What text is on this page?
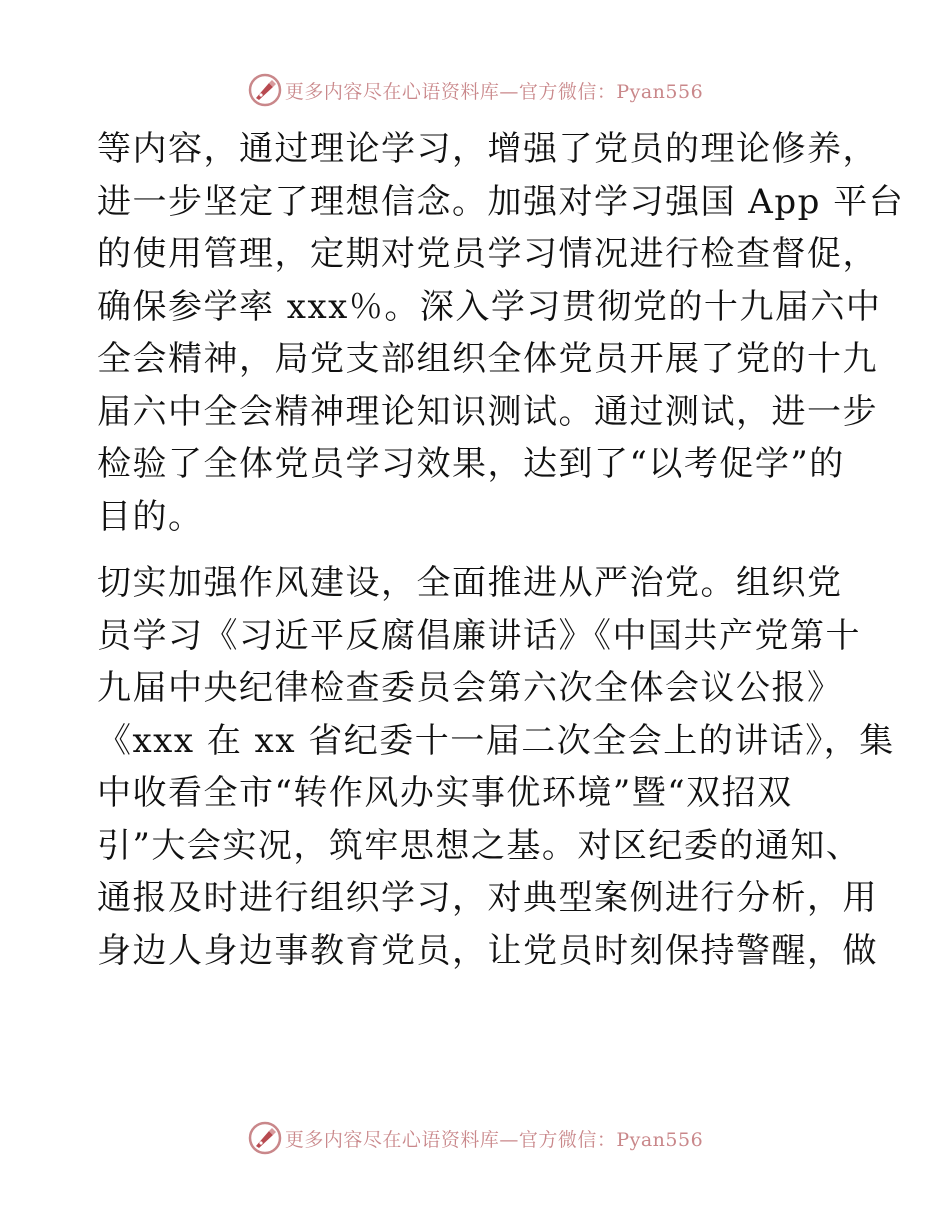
更多内容尽在心语资料库—官方微信：Pyan556

等内容，通过理论学习，增强了党员的理论修养，
进一步坚定了理想信念。加强对学习强国 App 平台
的使用管理，定期对党员学习情况进行检查督促，
确保参学率 xxx％。深入学习贯彻党的十九届六中
全会精神，局党支部组织全体党员开展了党的十九
届六中全会精神理论知识测试。通过测试，进一步
检验了全体党员学习效果，达到了“以考促学”的
目的。

切实加强作风建设，全面推进从严治党。组织党
员学习《习近平反腐倡廉讲话》《中国共产党第十
九届中央纪律检查委员会第六次全体会议公报》
《xxx 在 xx 省纪委十一届二次全会上的讲话》，集
中收看全市“转作风办实事优环境”暨“双招双
引”大会实况，筑牢思想之基。对区纪委的通知、
通报及时进行组织学习，对典型案例进行分析，用
身边人身边事教育党员，让党员时刻保持警醒，做

更多内容尽在心语资料库—官方微信：Pyan556
